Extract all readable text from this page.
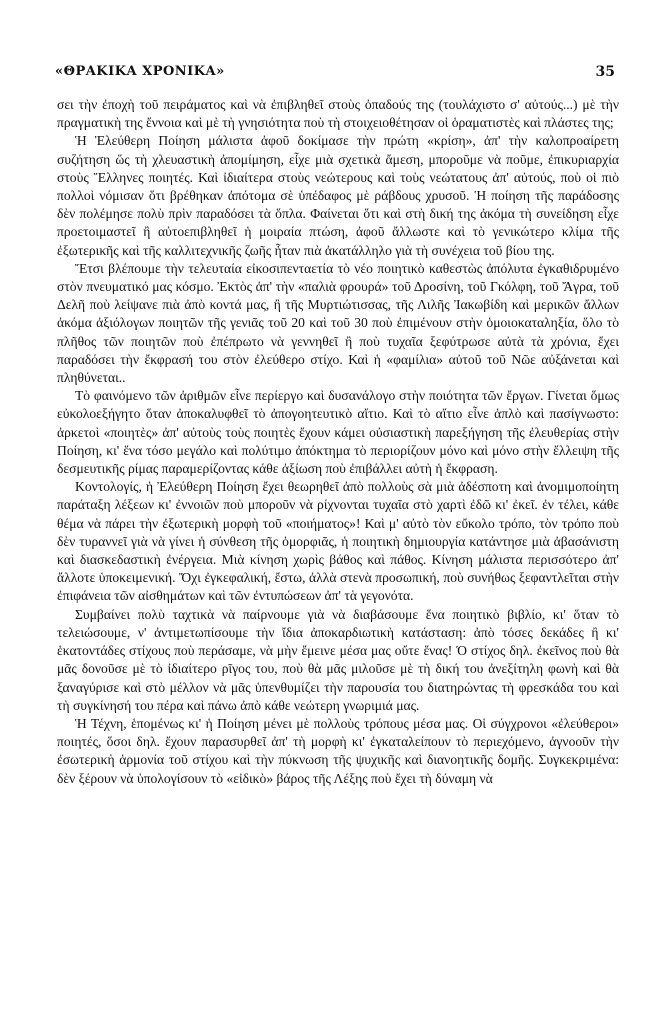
«ΘΡΑΚΙΚΑ ΧΡΟΝΙΚΑ»	35

σει τὴν ἐποχὴ τοῦ πειράματος καὶ νὰ ἐπιβληθεῖ στοὺς ὀπαδούς της (τουλάχιστο σ' αὐτούς...) μὲ τὴν πραγματικὴ της ἔννοια καὶ μὲ τὴ γνησιότητα ποὺ τὴ στοιχειοθέτησαν οἱ ὁραματιστὲς καὶ πλάστες της;

Ἡ Ἐλεύθερη Ποίηση μάλιστα ἀφοῦ δοκίμασε τὴν πρώτη «κρίση», ἀπ' τὴν καλοπροαίρετη συζήτηση ὥς τὴ χλευαστικὴ ἀπομίμηση, εἶχε μιὰ σχετικὰ ἄμεση, μποροῦμε νὰ ποῦμε, ἐπικυριαρχία στοὺς Ἕλληνες ποιητές. Καὶ ἰδιαίτερα στοὺς νεώτερους καὶ τοὺς νεώτατους ἀπ' αὐτούς, ποὺ οἱ πιὸ πολλοὶ νόμισαν ὅτι βρέθηκαν ἀπότομα σὲ ὑπέδαφος μὲ ράβδους χρυσοῦ. Ἡ ποίηση τῆς παράδοσης δὲν πολέμησε πολὺ πρὶν παραδόσει τὰ ὅπλα. Φαίνεται ὅτι καὶ στὴ δική της ἀκόμα τὴ συνείδηση εἶχε προετοιμαστεῖ ἢ αὐτοεπιβληθεῖ ἡ μοιραία πτώση, ἀφοῦ ἄλλωστε καὶ τὸ γενικώτερο κλίμα τῆς ἐξωτερικῆς καὶ τῆς καλλιτεχνικῆς ζωῆς ἦταν πιὰ ἀκατάλληλο γιὰ τὴ συνέχεια τοῦ βίου της.

Ἔτσι βλέπουμε τὴν τελευταία εἰκοσιπενταετία τὸ νέο ποιητικὸ καθεστὼς ἀπόλυτα ἐγκαθιδρυμένο στὸν πνευματικό μας κόσμο. Ἐκτὸς ἀπ' τὴν «παλιὰ φρουρά» τοῦ Δροσίνη, τοῦ Γκόλφη, τοῦ Ἄγρα, τοῦ Δελῆ ποὺ λείψανε πιὰ ἀπὸ κοντά μας, ἢ τῆς Μυρτιώτισσας, τῆς Λιλῆς Ἰακωβίδη καὶ μερικῶν ἄλλων ἀκόμα ἀξιόλογων ποιητῶν τῆς γενιᾶς τοῦ 20 καὶ τοῦ 30 ποὺ ἐπιμένουν στὴν ὁμοιοκαταληξία, ὅλο τὸ πλῆθος τῶν ποιητῶν ποὺ ἐπέπρωτο νὰ γεννηθεῖ ἢ ποὺ τυχαῖα ξεφύτρωσε αὐτὰ τὰ χρόνια, ἔχει παραδόσει τὴν ἔκφρασή του στὸν ἐλεύθερο στίχο. Καὶ ἡ «φαμίλια» αὐτοῦ τοῦ Νῶε αὐξάνεται καὶ πληθύνεται..

Τὸ φαινόμενο τῶν ἀριθμῶν εἶνε περίεργο καὶ δυσανάλογο στὴν ποιότητα τῶν ἔργων. Γίνεται ὅμως εὐκολοεξήγητο ὅταν ἀποκαλυφθεῖ τὸ ἀπογοητευτικὸ αἴτιο. Καὶ τὸ αἴτιο εἶνε ἁπλὸ καὶ πασίγνωστο: ἀρκετοὶ «ποιητὲς» ἀπ' αὐτοὺς τοὺς ποιητὲς ἔχουν κάμει οὐσιαστικὴ παρεξήγηση τῆς ἐλευθερίας στὴν Ποίηση, κι' ἕνα τόσο μεγάλο καὶ πολύτιμο ἀπόκτημα τὸ περιορίζουν μόνο καὶ μόνο στὴν ἔλλειψη τῆς δεσμευτικῆς ρίμας παραμερίζοντας κάθε ἀξίωση ποὺ ἐπιβάλλει αὐτὴ ἡ ἔκφραση.

Κοντολογίς, ἡ Ἐλεύθερη Ποίηση ἔχει θεωρηθεῖ ἀπὸ πολλοὺς σὰ μιὰ ἀδέσποτη καὶ ἀνομιμοποίητη παράταξη λέξεων κι' ἐννοιῶν ποὺ μποροῦν νὰ ρίχνονται τυχαῖα στὸ χαρτὶ ἐδῶ κι' ἐκεῖ. ἐν τέλει, κάθε θέμα νὰ πάρει τὴν ἐξωτερικὴ μορφὴ τοῦ «ποιήματος»! Καὶ μ' αὐτὸ τὸν εὔκολο τρόπο, τὸν τρόπο ποὺ δὲν τυραννεῖ γιὰ νὰ γίνει ἡ σύνθεση τῆς ὁμορφιᾶς, ἡ ποιητικὴ δημιουργία κατάντησε μιὰ ἀβασάνιστη καὶ διασκεδαστικὴ ἐνέργεια. Μιὰ κίνηση χωρὶς βάθος καὶ πάθος. Κίνηση μάλιστα περισσότερο ἀπ' ἄλλοτε ὑποκειμενική. Ὄχι ἐγκεφαλική, ἔστω, ἀλλὰ στενὰ προσωπική, ποὺ συνήθως ξεφαντλεῖται στὴν ἐπιφάνεια τῶν αἰσθημάτων καὶ τῶν ἐντυπώσεων ἀπ' τὰ γεγονότα.

Συμβαίνει πολὺ ταχτικὰ νὰ παίρνουμε γιὰ νὰ διαβάσουμε ἕνα ποιητικὸ βιβλίο, κι' ὅταν τὸ τελειώσουμε, ν' ἀντιμετωπίσουμε τὴν ἴδια ἀποκαρδιωτικὴ κατάσταση: ἀπὸ τόσες δεκάδες ἢ κι' ἑκατοντάδες στίχους ποὺ περάσαμε, νὰ μὴν ἔμεινε μέσα μας οὔτε ἕνας! Ὁ στίχος δηλ. ἐκεῖνος ποὺ θὰ μᾶς δονοῦσε μὲ τὸ ἰδιαίτερο ρῖγος του, ποὺ θὰ μᾶς μιλοῦσε μὲ τὴ δική του ἀνεξίτηλη φωνὴ καὶ θὰ ξαναγύρισε καὶ στὸ μέλλον νὰ μᾶς ὑπενθυμίζει τὴν παρουσία του διατηρώντας τὴ φρεσκάδα του καὶ τὴ συγκίνησή του πέρα καὶ πάνω ἀπὸ κάθε νεώτερη γνωριμιά μας.

Ἡ Τέχνη, ἑπομένως κι' ἡ Ποίηση μένει μὲ πολλοὺς τρόπους μέσα μας. Οἱ σύγχρονοι «ἐλεύθεροι» ποιητές, ὅσοι δηλ. ἔχουν παρασυρθεῖ ἀπ' τὴ μορφὴ κι' ἐγκαταλείπουν τὸ περιεχόμενο, ἀγνοοῦν τὴν ἐσωτερικὴ ἁρμονία τοῦ στίχου καὶ τὴν πύκνωση τῆς ψυχικῆς καὶ διανοητικῆς δομῆς. Συγκεκριμένα: δὲν ξέρουν νὰ ὑπολογίσουν τὸ «εἰδικὸ» βάρος τῆς Λέξης ποὺ ἔχει τὴ δύναμη νὰ
